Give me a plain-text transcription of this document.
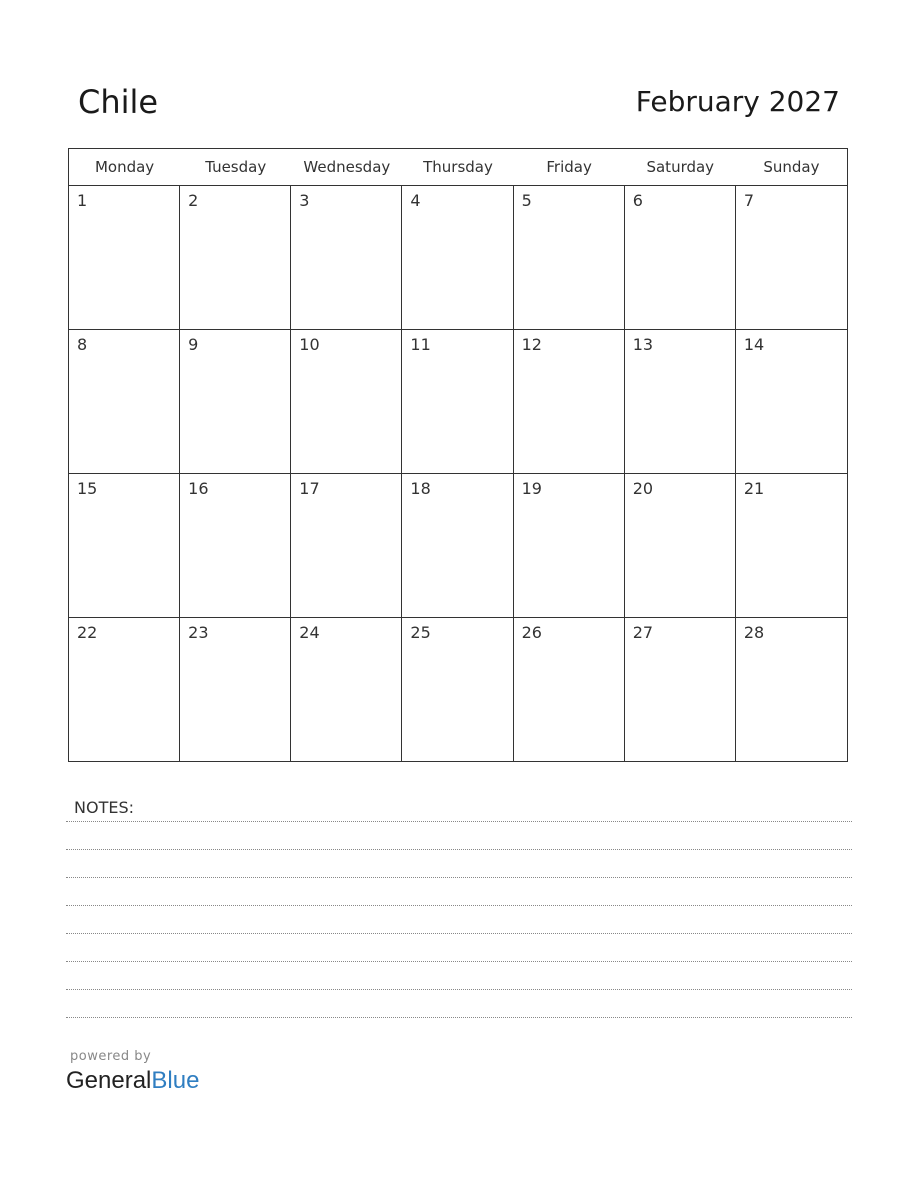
Chile	February 2027
Monday	Tuesday	Wednesday	Thursday	Friday	Saturday	Sunday
1	2	3	4	5	6	7
8	9	10	11	12	13	14
15	16	17	18	19	20	21
22	23	24	25	26	27	28
NOTES:
powered by
GeneralBlue
